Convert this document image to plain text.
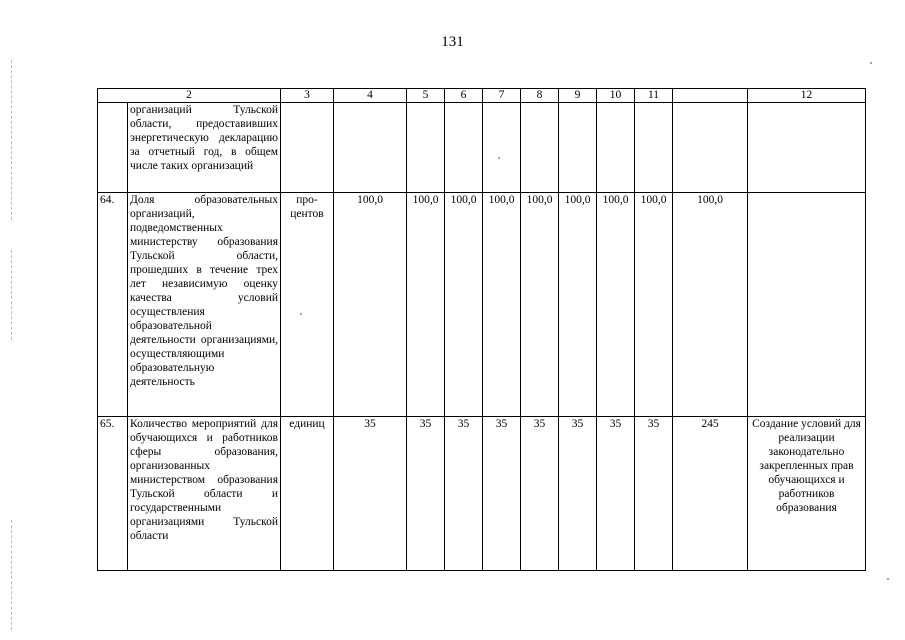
131
2		3	4	5	6	7	8	9	10	11		12
	организаций Тульской области, предоставивших энергетическую декларацию за отчетный год, в общем числе таких организаций											
64.	Доля образовательных организаций, подведомственных министерству образования Тульской области, прошедших в течение трех лет независимую оценку качества условий осуществления образовательной деятельности организациями, осуществляющими образовательную деятельность	про-центов	100,0	100,0	100,0	100,0	100,0	100,0	100,0	100,0	100,0	
65.	Количество мероприятий для обучающихся и работников сферы образования, организованных министерством образования Тульской области и государственными организациями Тульской области	единиц	35	35	35	35	35	35	35	35	245	Создание условий для реализации законодательно закрепленных прав обучающихся и работников образования
